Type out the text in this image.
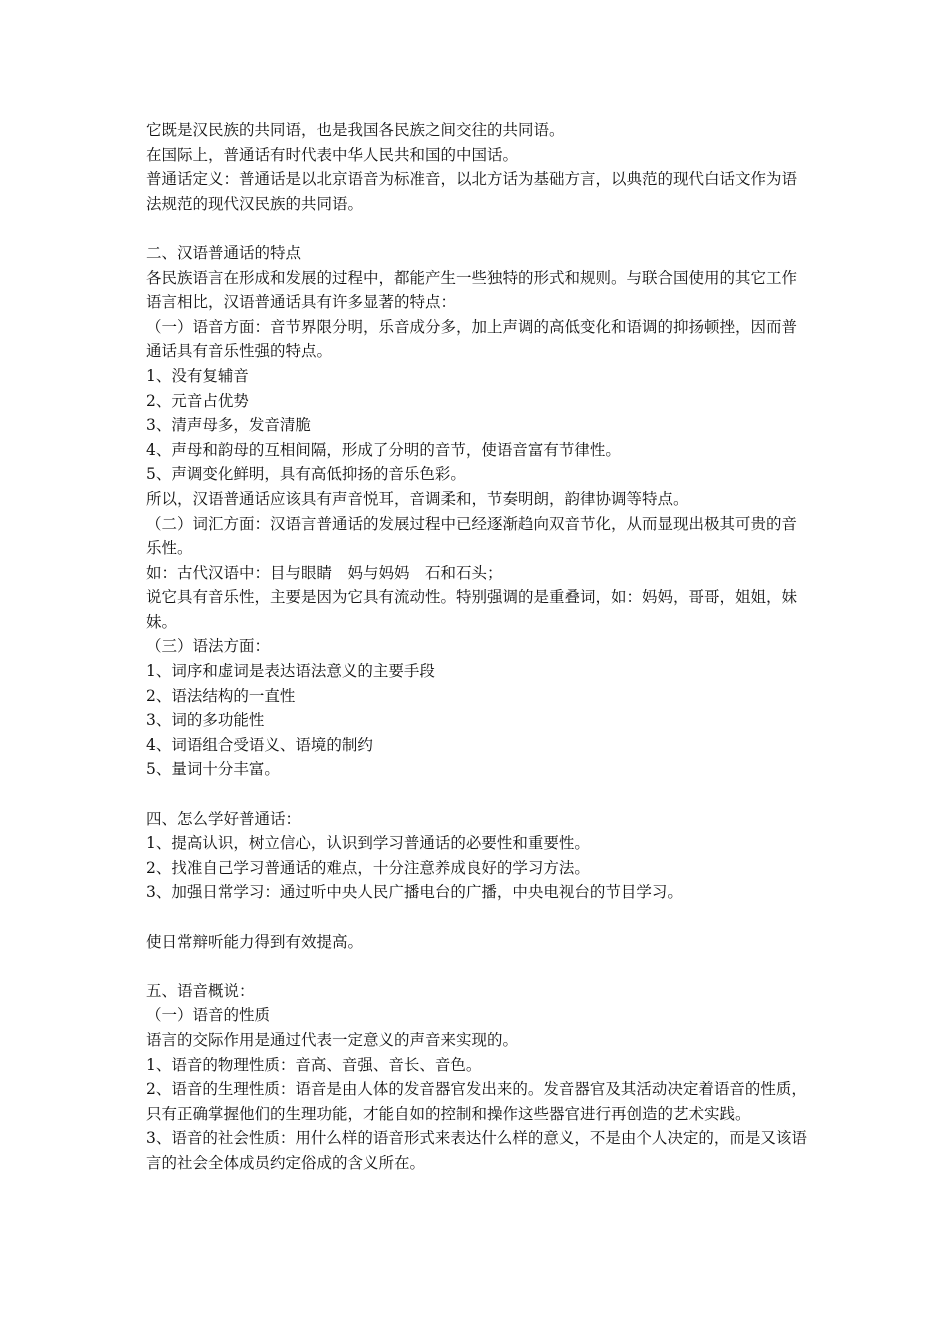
它既是汉民族的共同语，也是我国各民族之间交往的共同语。

在国际上，普通话有时代表中华人民共和国的中国话。

普通话定义：普通话是以北京语音为标准音，以北方话为基础方言，以典范的现代白话文作为语法规范的现代汉民族的共同语。

二、汉语普通话的特点

各民族语言在形成和发展的过程中，都能产生一些独特的形式和规则。与联合国使用的其它工作语言相比，汉语普通话具有许多显著的特点：

（一）语音方面：音节界限分明，乐音成分多，加上声调的高低变化和语调的抑扬顿挫，因而普通话具有音乐性强的特点。

1、没有复辅音

2、元音占优势

3、清声母多，发音清脆

4、声母和韵母的互相间隔，形成了分明的音节，使语音富有节律性。

5、声调变化鲜明，具有高低抑扬的音乐色彩。

所以，汉语普通话应该具有声音悦耳，音调柔和，节奏明朗，韵律协调等特点。

（二）词汇方面：汉语言普通话的发展过程中已经逐渐趋向双音节化，从而显现出极其可贵的音乐性。

如：古代汉语中：目与眼睛　妈与妈妈　石和石头；

说它具有音乐性，主要是因为它具有流动性。特别强调的是重叠词，如：妈妈，哥哥，姐姐，妹妹。

（三）语法方面：

1、词序和虚词是表达语法意义的主要手段

2、语法结构的一直性

3、词的多功能性

4、词语组合受语义、语境的制约

5、量词十分丰富。

四、怎么学好普通话：

1、提高认识，树立信心，认识到学习普通话的必要性和重要性。

2、找准自己学习普通话的难点，十分注意养成良好的学习方法。

3、加强日常学习：通过听中央人民广播电台的广播，中央电视台的节目学习。

使日常辩听能力得到有效提高。

五、语音概说：

（一）语音的性质

语言的交际作用是通过代表一定意义的声音来实现的。

1、语音的物理性质：音高、音强、音长、音色。

2、语音的生理性质：语音是由人体的发音器官发出来的。发音器官及其活动决定着语音的性质，只有正确掌握他们的生理功能，才能自如的控制和操作这些器官进行再创造的艺术实践。

3、语音的社会性质：用什么样的语音形式来表达什么样的意义，不是由个人决定的，而是又该语言的社会全体成员约定俗成的含义所在。
